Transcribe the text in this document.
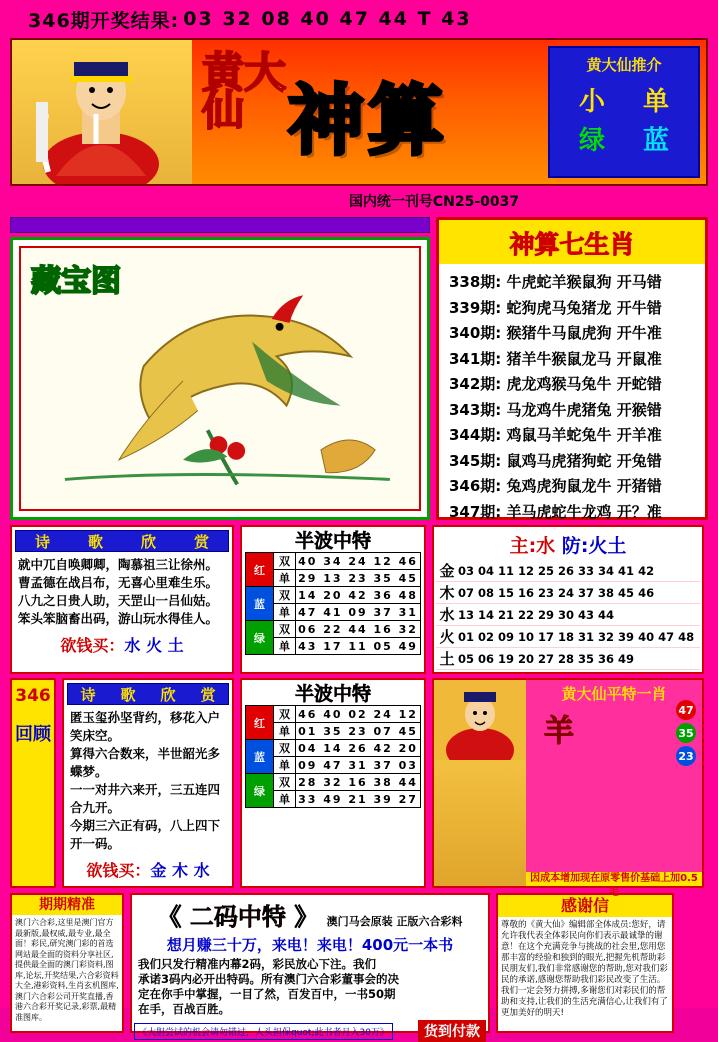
346期开奖结果: 03 32 08 40 47 44 T 43
黄大仙 神算
黄大仙推介
小	单
绿	蓝
国内统一刊号CN25-0037
藏宝图
神算七生肖
338期: 牛虎蛇羊猴鼠狗 开马错
339期: 蛇狗虎马兔猪龙 开牛错
340期: 猴猪牛马鼠虎狗 开牛准
341期: 猪羊牛猴鼠龙马 开鼠准
342期: 虎龙鸡猴马兔牛 开蛇错
343期: 马龙鸡牛虎猪兔 开猴错
344期: 鸡鼠马羊蛇兔牛 开羊准
345期: 鼠鸡马虎猪狗蛇 开兔错
346期: 兔鸡虎狗鼠龙牛 开猪错
347期: 羊马虎蛇牛龙鸡 开？准
诗	歌	欣	赏
就中兀自唤卿卿，陶慕祖三让徐州。
曹孟德在战吕布，无喜心里难生乐。
八九之日贵人助，天罡山一吕仙姑。
笨头笨脑畜出码，游山玩水得佳人。
欲钱买：水 火 土
半波中特
红	双	40 34 24 12 46
	单	29 13 23 35 45
蓝	双	14 20 42 36 48
	单	47 41 09 37 31
绿	双	06 22 44 16 32
	单	43 17 11 05 49
主:水 防:火土
金	03 04 11 12 25 26 33 34 41 42
木	07 08 15 16 23 24 37 38 45 46
水	13 14 21 22 29 30 43 44
火	01 02 09 10 17 18 31 32 39 40 47 48
土	05 06 19 20 27 28 35 36 49
346
回顾
诗 歌 欣 赏
匿玉玺孙坚背约，移花入户笑床空。
算得六合数来，半世韶光多蝶梦。
一一对井六来开，三五连四合九开。
今期三六正有码，八上四下开一码。
欲钱买：金 木 水
半波中特
红	双	46 40 02 24 12
	单	01 35 23 07 45
蓝	双	04 14 26 42 20
	单	09 47 31 37 03
绿	双	28 32 16 38 44
	单	33 49 21 39 27
黄大仙平特一肖
羊
47
35
23
因成本增加现在原零售价基础上加0.5毛
期期精准
澳门六合彩,这里是澳门官方最新版,最权威,最专业,最全面！彩民,研究澳门彩的首选网站最全面的资料分享社区,提供最全面的澳门彩资料,图库,论坛,开奖结果,六合彩资料大全,港彩资料,生肖玄机图库,澳门六合彩公司开奖直播,香港六合彩开奖记录,彩票,最精准图库。
《 二码中特 》 澳门马会原装 正版六合彩料
想月赚三十万，来电！来电！400元一本书
我们只发行精准内幕2码，彩民放心下注。我们
承诺3码内必开出特码。所有澳门六合彩董事会的决
定在你手中掌握，一目了然，百发百中，一书50期
在手，百战百胜。
《大胆尝试的机会请勿错过，人头担保quot;此书者月入30万》	货到付款
感谢信
尊敬的《黄大仙》编辑部全体成员:您好，请允许我代表全体彩民向你们表示最诚挚的谢意！在这个充满竞争与挑战的社会里,您用您那丰富的经验和独到的眼光,把握先机帮助彩民朋友们,我们非常感谢您的帮助,您对我们彩民的承诺,感谢您帮助我们彩民改变了生活。我们一定会努力拼搏,多谢您们对彩民们的帮助和支持,让我们的生活充满信心,让我们有了更加美好的明天!
